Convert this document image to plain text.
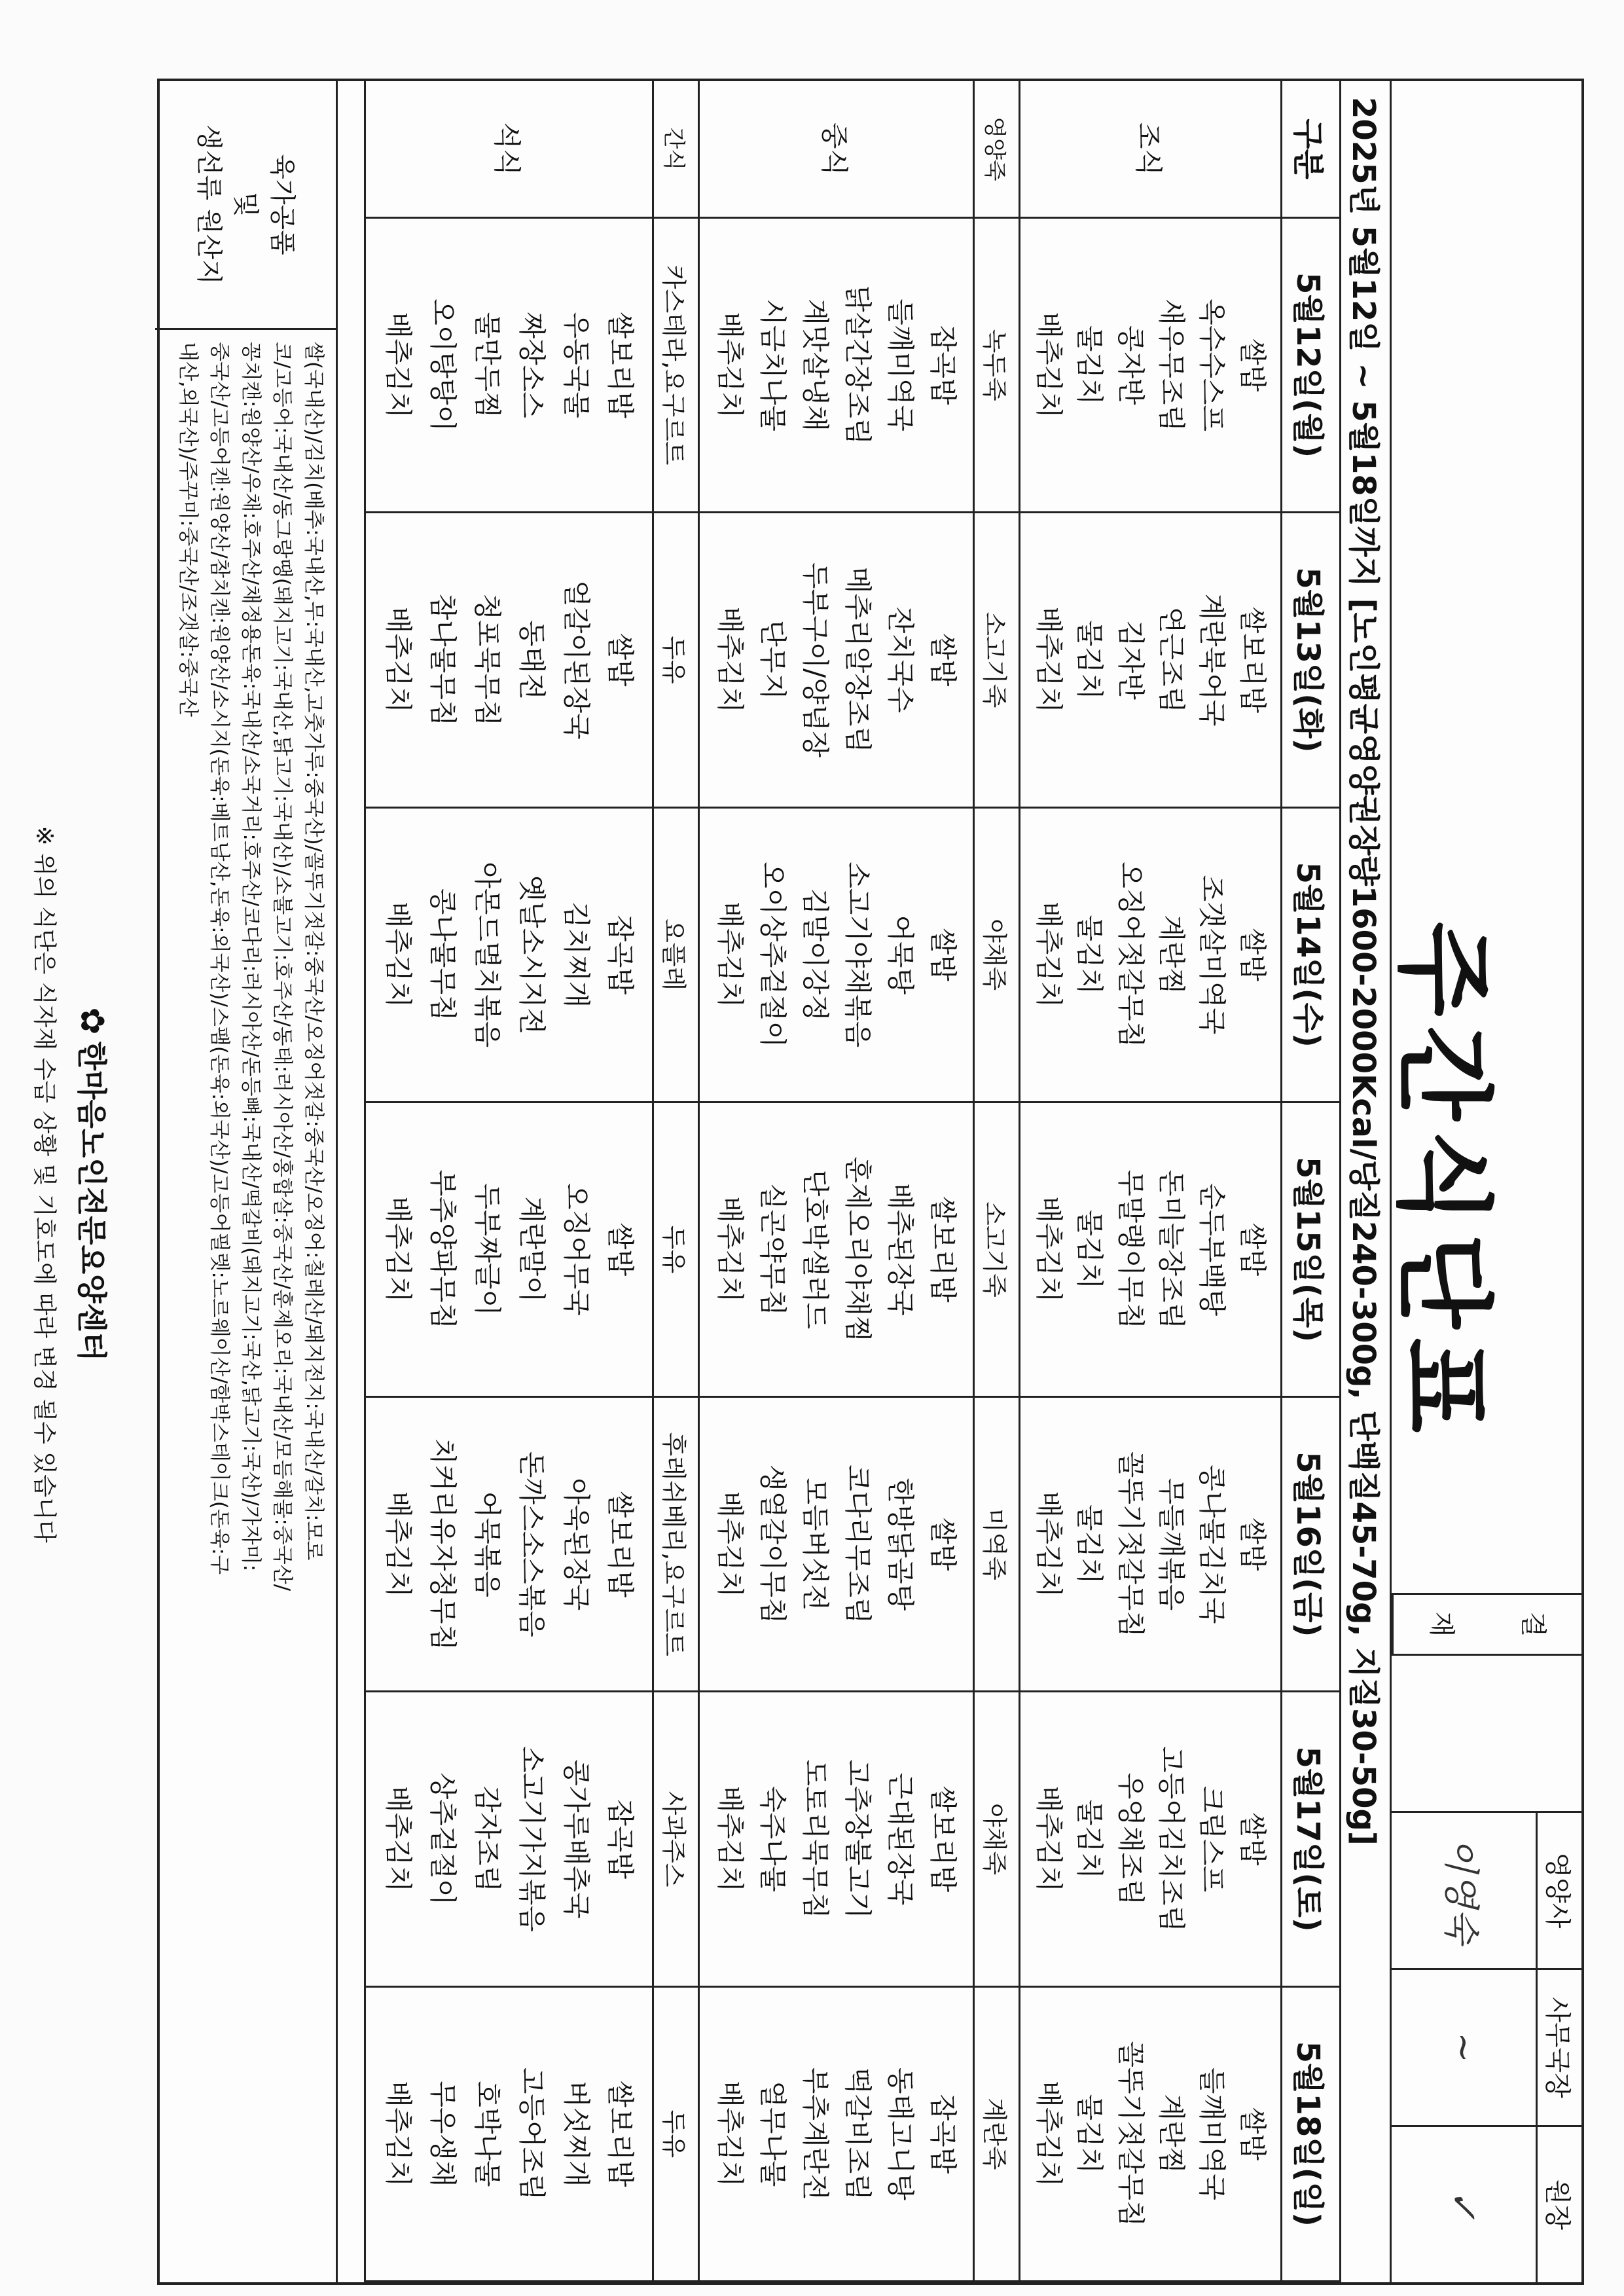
주간식단표
결
재
영양사
사무국장
원장
이영숙
~
✓
2025년 5월12일 ~ 5월18일까지 [노인평균영양권장량1600-2000Kcal/당질240-300g, 단백질45-70g, 지질30-50g]
구분
5월12일(월)
5월13일(화)
5월14일(수)
5월15일(목)
5월16일(금)
5월17일(토)
5월18일(일)
조식
쌀밥
옥수수스프
새우무조림
콩자반
물김치
배추김치
쌀보리밥
계란북어국
연근조림
김자반
물김치
배추김치
쌀밥
조갯살미역국
계란찜
오징어젓갈무침
물김치
배추김치
쌀밥
순두부백탕
돈미늘장조림
무말랭이무침
물김치
배추김치
쌀밥
콩나물김치국
무들깨볶음
꼴뚜기젓갈무침
물김치
배추김치
쌀밥
크림스프
고등어김치조림
우엉채조림
물김치
배추김치
쌀밥
들깨미역국
계란찜
꼴뚜기젓갈무침
물김치
배추김치
영양죽
녹두죽
소고기죽
야채죽
소고기죽
미역죽
야채죽
계란죽
중식
잡곡밥
들깨미역국
닭살간장조림
계맛살냉채
시금치나물
배추김치
쌀밥
잔치국수
메추리알장조림
두부구이/양념장
단무지
배추김치
쌀밥
어묵탕
소고기야채볶음
김말이강정
오이상추겉절이
배추김치
쌀보리밥
배추된장국
훈제오리야채찜
단호박샐러드
실곤약무침
배추김치
쌀밥
한방닭곰탕
코다리무조림
모듬버섯전
생열갈이무침
배추김치
쌀보리밥
근대된장국
고추장불고기
도토리묵무침
숙주나물
배추김치
잡곡밥
동태고니탕
떡갈비조림
부추계란전
열무나물
배추김치
간식
카스테라,요구르트
두유
요플레
두유
후레쉬베리,요구르트
사과주스
두유
석식
쌀보리밥
우동국물
짜장소스
물만두찜
오이탕탕이
배추김치
쌀밥
얼갈이된장국
동태전
청포묵무침
참나물무침
배추김치
잡곡밥
김치찌개
옛날소시지전
아몬드멸치볶음
콩나물무침
배추김치
쌀밥
오징어무국
계란말이
두부짜글이
부추양파무침
배추김치
쌀보리밥
아욱된장국
돈까스소스볶음
어묵볶음
치커리유자청무침
배추김치
잡곡밥
콩가루배추국
소고기가지볶음
감자조림
상추겉절이
배추김치
쌀보리밥
버섯찌개
고등어조림
호박나물
무우생채
배추김치
육가공품
및
생선류 원산지
쌀(국내산)/김치(배추:국내산,무:국내산,고춧가루:중국산)/꼴뚜기젓갈:중국산/오징어젓갈:중국산/오징어:칠레산/돼지전지:국내산/갈치:모로
코/고등어:국내산/동그랑땡(돼지고기:국내산,닭고기:국내산)/소불고기:호주산/동태:러시아산/홍합살:중국산/훈제오리:국내산/모듬해물:중국산/
꽁치캔:원양산/우채:호주산/채정용돈육:국내산/소국거리:호주산/코다리:러시아산/돈등뼈:국내산/떡갈비(돼지고기:국산,닭고기:국산)/가자미:
중국산/고등어캔:원양산/참치캔:원양산/소시지(돈육:베트남산,돈육:외국산)/스팸(돈육:외국산)/고등어필렛:노르웨이산/함박스테이크(돈육:구
내산,외국산)/주꾸미:중국산/조갯살:중국산
✿한마음노인전문요양센터
※ 위의 식단은 식자재 수급 상황 및 기호도에 따라 변경 될수 있습니다
